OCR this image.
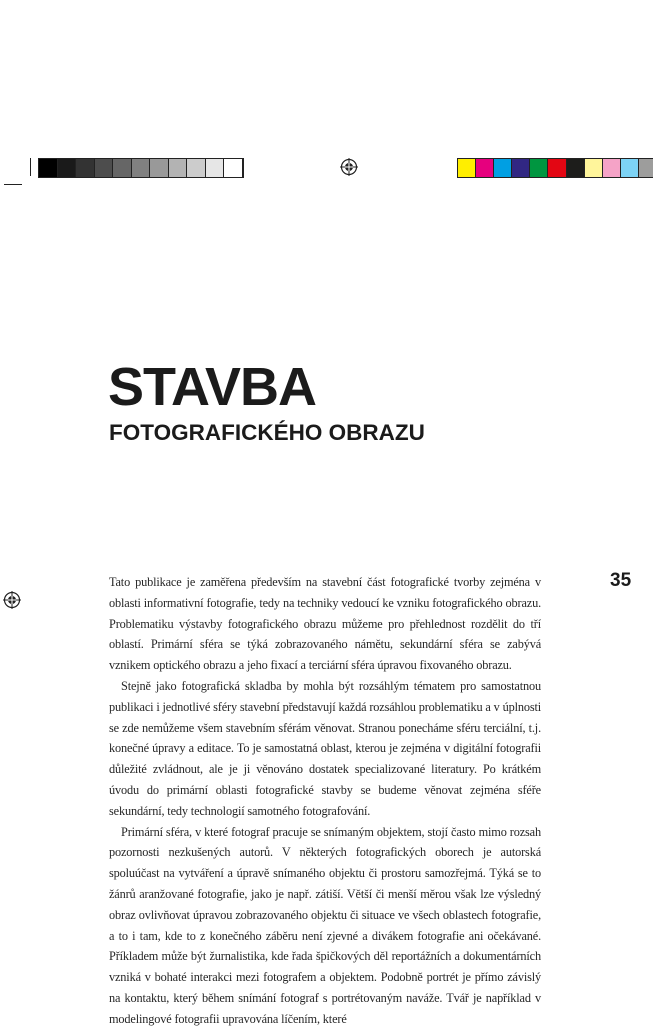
STAVBA
FOTOGRAFICKÉHO OBRAZU
35

Tato publikace je zaměřena především na stavební část fotografické tvorby zejména v oblasti informativní fotografie, tedy na techniky vedoucí ke vzniku fotografického obrazu. Problematiku výstavby fotografického obrazu můžeme pro přehlednost rozdělit do tří oblastí. Primární sféra se týká zobrazovaného námětu, sekundární sféra se zabývá vznikem optického obrazu a jeho fixací a terciární sféra úpravou fixovaného obrazu.

Stejně jako fotografická skladba by mohla být rozsáhlým tématem pro samostatnou publikaci i jednotlivé sféry stavební představují každá rozsáhlou problematiku a v úplnosti se zde nemůžeme všem stavebním sférám věnovat. Stranou ponecháme sféru terciální, t.j. konečné úpravy a editace. To je samostatná oblast, kterou je zejména v digitální fotografii důležité zvládnout, ale je ji věnováno dostatek specializované literatury. Po krátkém úvodu do primární oblasti fotografické stavby se budeme věnovat zejména sféře sekundární, tedy technologií samotného fotografování.

Primární sféra, v které fotograf pracuje se snímaným objektem, stojí často mimo rozsah pozornosti nezkušených autorů. V některých fotografických oborech je autorská spoluúčast na vytváření a úpravě snímaného objektu či prostoru samozřejmá. Týká se to žánrů aranžované fotografie, jako je např. zátiší. Větší či menší měrou však lze výsledný obraz ovlivňovat úpravou zobrazovaného objektu či situace ve všech oblastech fotografie, a to i tam, kde to z konečného záběru není zjevné a divákem fotografie ani očekávané. Příkladem může být žurnalistika, kde řada špičkových děl reportážních a dokumentárních vzniká v bohaté interakci mezi fotografem a objektem. Podobně portrét je přímo závislý na kontaktu, který během snímání fotograf s portrétovaným naváže. Tvář je například v modelingové fotografii upravována líčením, které
